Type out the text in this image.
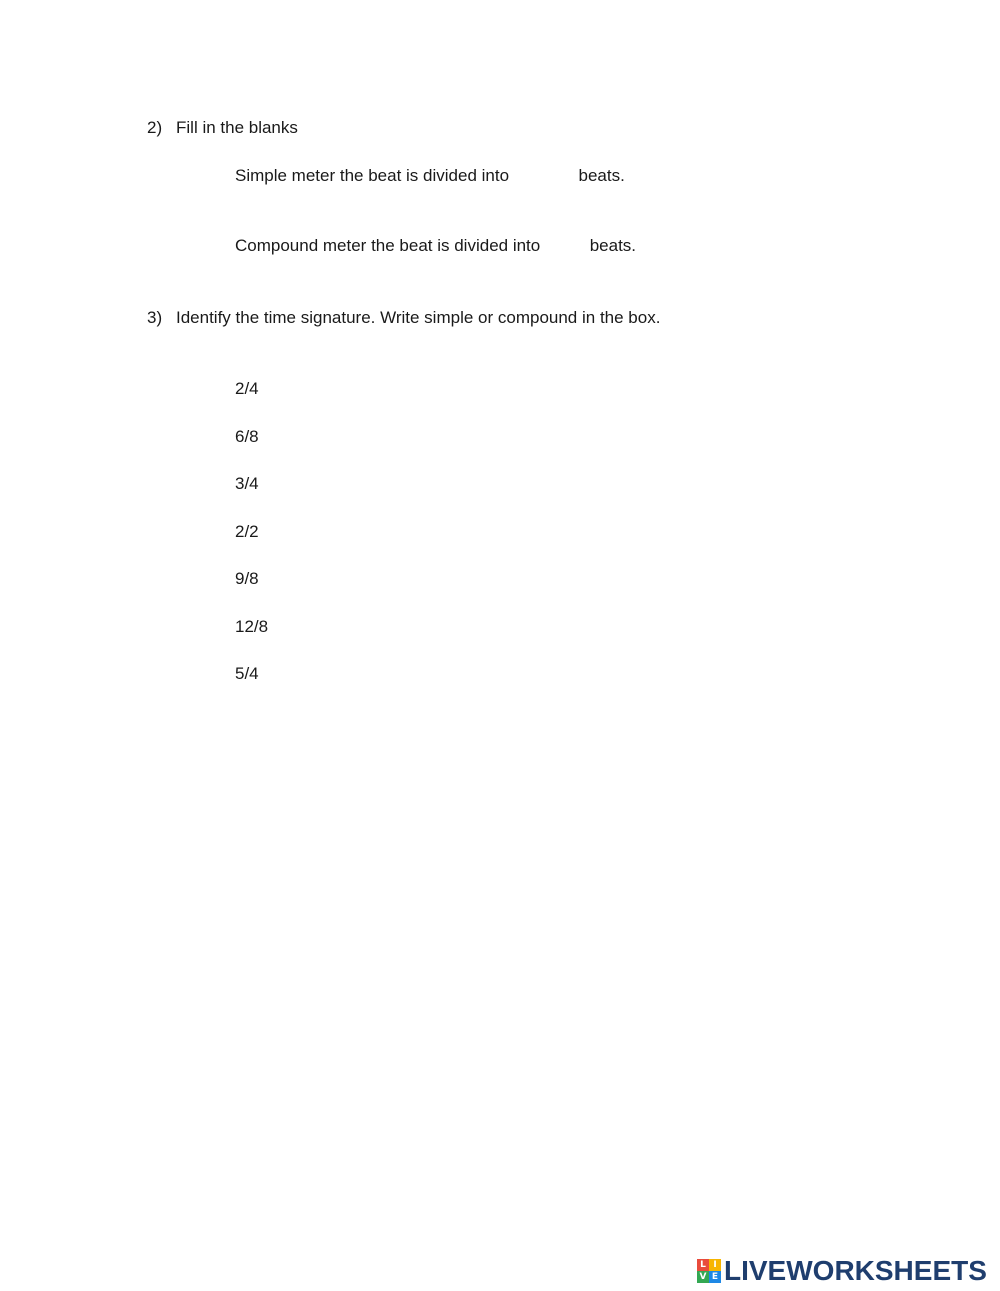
2) Fill in the blanks
Simple meter the beat is divided into	beats.
Compound meter the beat is divided into	beats.
3) Identify the time signature. Write simple or compound in the box.
2/4
6/8
3/4
2/2
9/8
12/8
5/4
L I
V E LIVEWORKSHEETS
